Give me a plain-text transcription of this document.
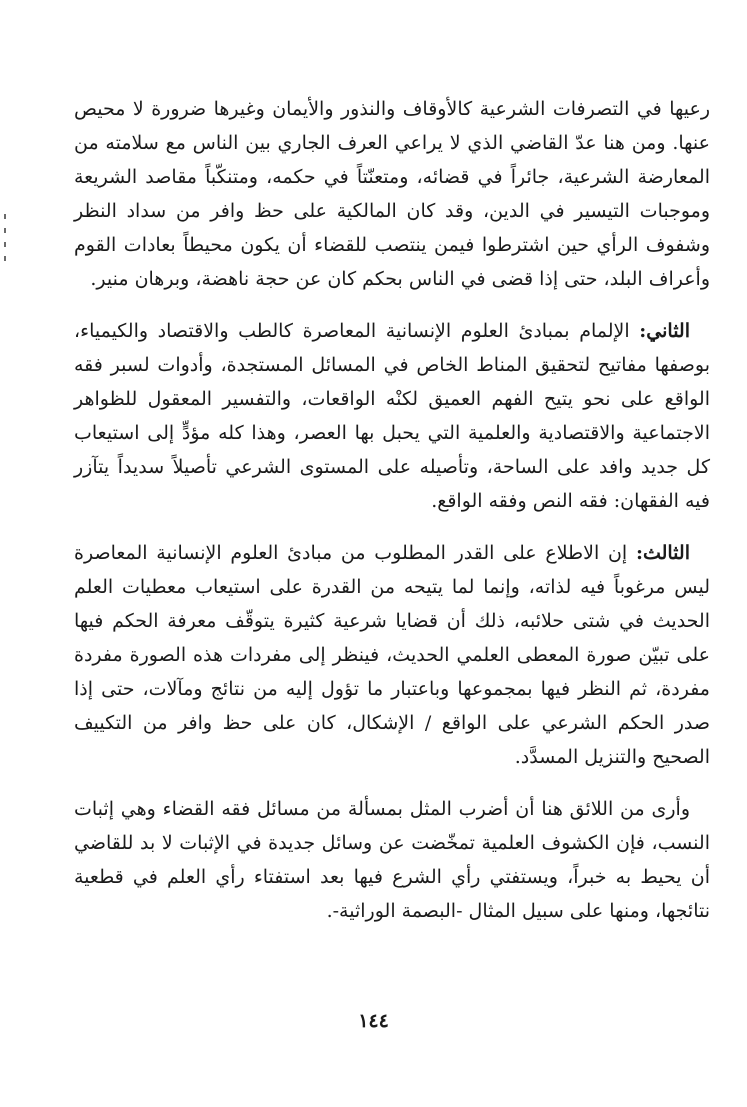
رعيها في التصرفات الشرعية كالأوقاف والنذور والأيمان وغيرها ضرورة لا محيص عنها. ومن هنا عدّ القاضي الذي لا يراعي العرف الجاري بين الناس مع سلامته من المعارضة الشرعية، جائراً في قضائه، ومتعنّتاً في حكمه، ومتنكّباً مقاصد الشريعة وموجبات التيسير في الدين، وقد كان المالكية على حظ وافر من سداد النظر وشفوف الرأي حين اشترطوا فيمن ينتصب للقضاء أن يكون محيطاً بعادات القوم وأعراف البلد، حتى إذا قضى في الناس بحكم كان عن حجة ناهضة، وبرهان منير.

الثاني: الإلمام بمبادئ العلوم الإنسانية المعاصرة كالطب والاقتصاد والكيمياء، بوصفها مفاتيح لتحقيق المناط الخاص في المسائل المستجدة، وأدوات لسبر فقه الواقع على نحو يتيح الفهم العميق لكنْه الواقعات، والتفسير المعقول للظواهر الاجتماعية والاقتصادية والعلمية التي يحبل بها العصر، وهذا كله مؤدٍّ إلى استيعاب كل جديد وافد على الساحة، وتأصيله على المستوى الشرعي تأصيلاً سديداً يتآزر فيه الفقهان: فقه النص وفقه الواقع.

الثالث: إن الاطلاع على القدر المطلوب من مبادئ العلوم الإنسانية المعاصرة ليس مرغوباً فيه لذاته، وإنما لما يتيحه من القدرة على استيعاب معطيات العلم الحديث في شتى حلائبه، ذلك أن قضايا شرعية كثيرة يتوقّف معرفة الحكم فيها على تبيّن صورة المعطى العلمي الحديث، فينظر إلى مفردات هذه الصورة مفردة مفردة، ثم النظر فيها بمجموعها وباعتبار ما تؤول إليه من نتائج ومآلات، حتى إذا صدر الحكم الشرعي على الواقع / الإشكال، كان على حظ وافر من التكييف الصحيح والتنزيل المسدَّد.

وأرى من اللائق هنا أن أضرب المثل بمسألة من مسائل فقه القضاء وهي إثبات النسب، فإن الكشوف العلمية تمخّضت عن وسائل جديدة في الإثبات لا بد للقاضي أن يحيط به خبراً، ويستفتي رأي الشرع فيها بعد استفتاء رأي العلم في قطعية نتائجها، ومنها على سبيل المثال -البصمة الوراثية-.

١٤٤
